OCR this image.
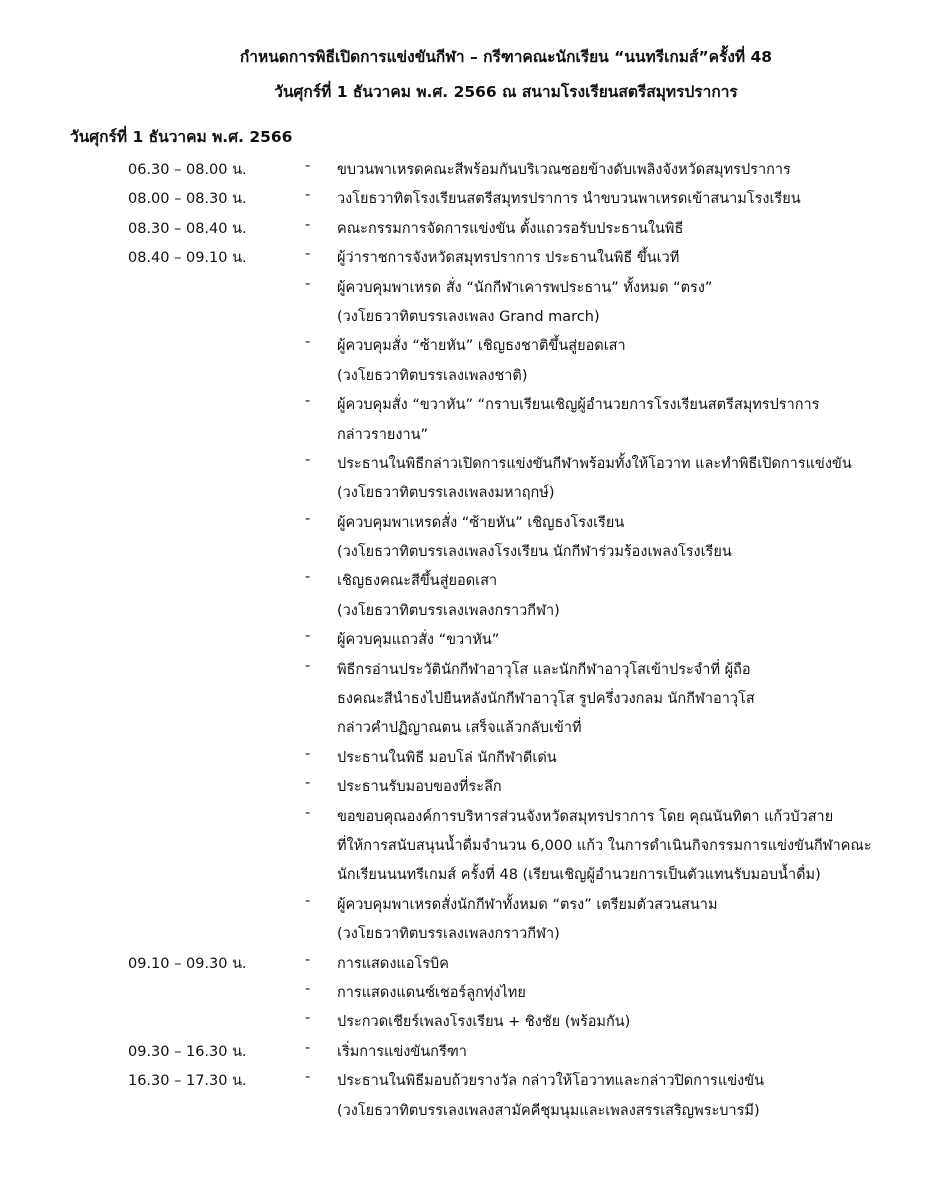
กำหนดการพิธีเปิดการแข่งขันกีฬา – กรีฑาคณะนักเรียน “นนทรีเกมส์”ครั้งที่ 48
วันศุกร์ที่ 1 ธันวาคม พ.ศ. 2566 ณ สนามโรงเรียนสตรีสมุทรปราการ
วันศุกร์ที่ 1 ธันวาคม พ.ศ. 2566
06.30 – 08.00 น.	- ขบวนพาเหรดคณะสีพร้อมกันบริเวณซอยข้างดับเพลิงจังหวัดสมุทรปราการ
08.00 – 08.30 น.	- วงโยธวาทิตโรงเรียนสตรีสมุทรปราการ นำขบวนพาเหรดเข้าสนามโรงเรียน
08.30 – 08.40 น.	- คณะกรรมการจัดการแข่งขัน ตั้งแถวรอรับประธานในพิธี
08.40 – 09.10 น.	- ผู้ว่าราชการจังหวัดสมุทรปราการ ประธานในพิธี ขึ้นเวที
- ผู้ควบคุมพาเหรด สั่ง “นักกีฬาเคารพประธาน” ทั้งหมด “ตรง”
(วงโยธวาทิตบรรเลงเพลง Grand march)
- ผู้ควบคุมสั่ง “ซ้ายหัน” เชิญธงชาติขึ้นสู่ยอดเสา
(วงโยธวาทิตบรรเลงเพลงชาติ)
- ผู้ควบคุมสั่ง “ขวาหัน” “กราบเรียนเชิญผู้อำนวยการโรงเรียนสตรีสมุทรปราการ
กล่าวรายงาน”
- ประธานในพิธีกล่าวเปิดการแข่งขันกีฬาพร้อมทั้งให้โอวาท และทำพิธีเปิดการแข่งขัน
(วงโยธวาทิตบรรเลงเพลงมหาฤกษ์)
- ผู้ควบคุมพาเหรดสั่ง “ซ้ายหัน” เชิญธงโรงเรียน
(วงโยธวาทิตบรรเลงเพลงโรงเรียน นักกีฬาร่วมร้องเพลงโรงเรียน
- เชิญธงคณะสีขึ้นสู่ยอดเสา
(วงโยธวาทิตบรรเลงเพลงกราวกีฬา)
- ผู้ควบคุมแถวสั่ง “ขวาหัน”
- พิธีกรอ่านประวัตินักกีฬาอาวุโส และนักกีฬาอาวุโสเข้าประจำที่ ผู้ถือ
ธงคณะสีนำธงไปยืนหลังนักกีฬาอาวุโส รูปครึ่งวงกลม นักกีฬาอาวุโส
กล่าวคำปฏิญาณตน เสร็จแล้วกลับเข้าที่
- ประธานในพิธี มอบโล่ นักกีฬาดีเด่น
- ประธานรับมอบของที่ระลึก
- ขอขอบคุณองค์การบริหารส่วนจังหวัดสมุทรปราการ โดย คุณนันทิตา แก้วบัวสาย
ที่ให้การสนับสนุนน้ำดื่มจำนวน 6,000 แก้ว ในการดำเนินกิจกรรมการแข่งขันกีฬาคณะ
นักเรียนนนทรีเกมส์ ครั้งที่ 48 (เรียนเชิญผู้อำนวยการเป็นตัวแทนรับมอบน้ำดื่ม)
- ผู้ควบคุมพาเหรดสั่งนักกีฬาทั้งหมด “ตรง” เตรียมตัวสวนสนาม
(วงโยธวาทิตบรรเลงเพลงกราวกีฬา)
09.10 – 09.30 น.	- การแสดงแอโรบิค
- การแสดงแดนซ์เชอร์ลูกทุ่งไทย
- ประกวดเชียร์เพลงโรงเรียน + ชิงชัย (พร้อมกัน)
09.30 – 16.30 น.	- เริ่มการแข่งขันกรีฑา
16.30 – 17.30 น.	- ประธานในพิธีมอบถ้วยรางวัล กล่าวให้โอวาทและกล่าวปิดการแข่งขัน
(วงโยธวาทิตบรรเลงเพลงสามัคคีชุมนุมและเพลงสรรเสริญพระบารมี)
